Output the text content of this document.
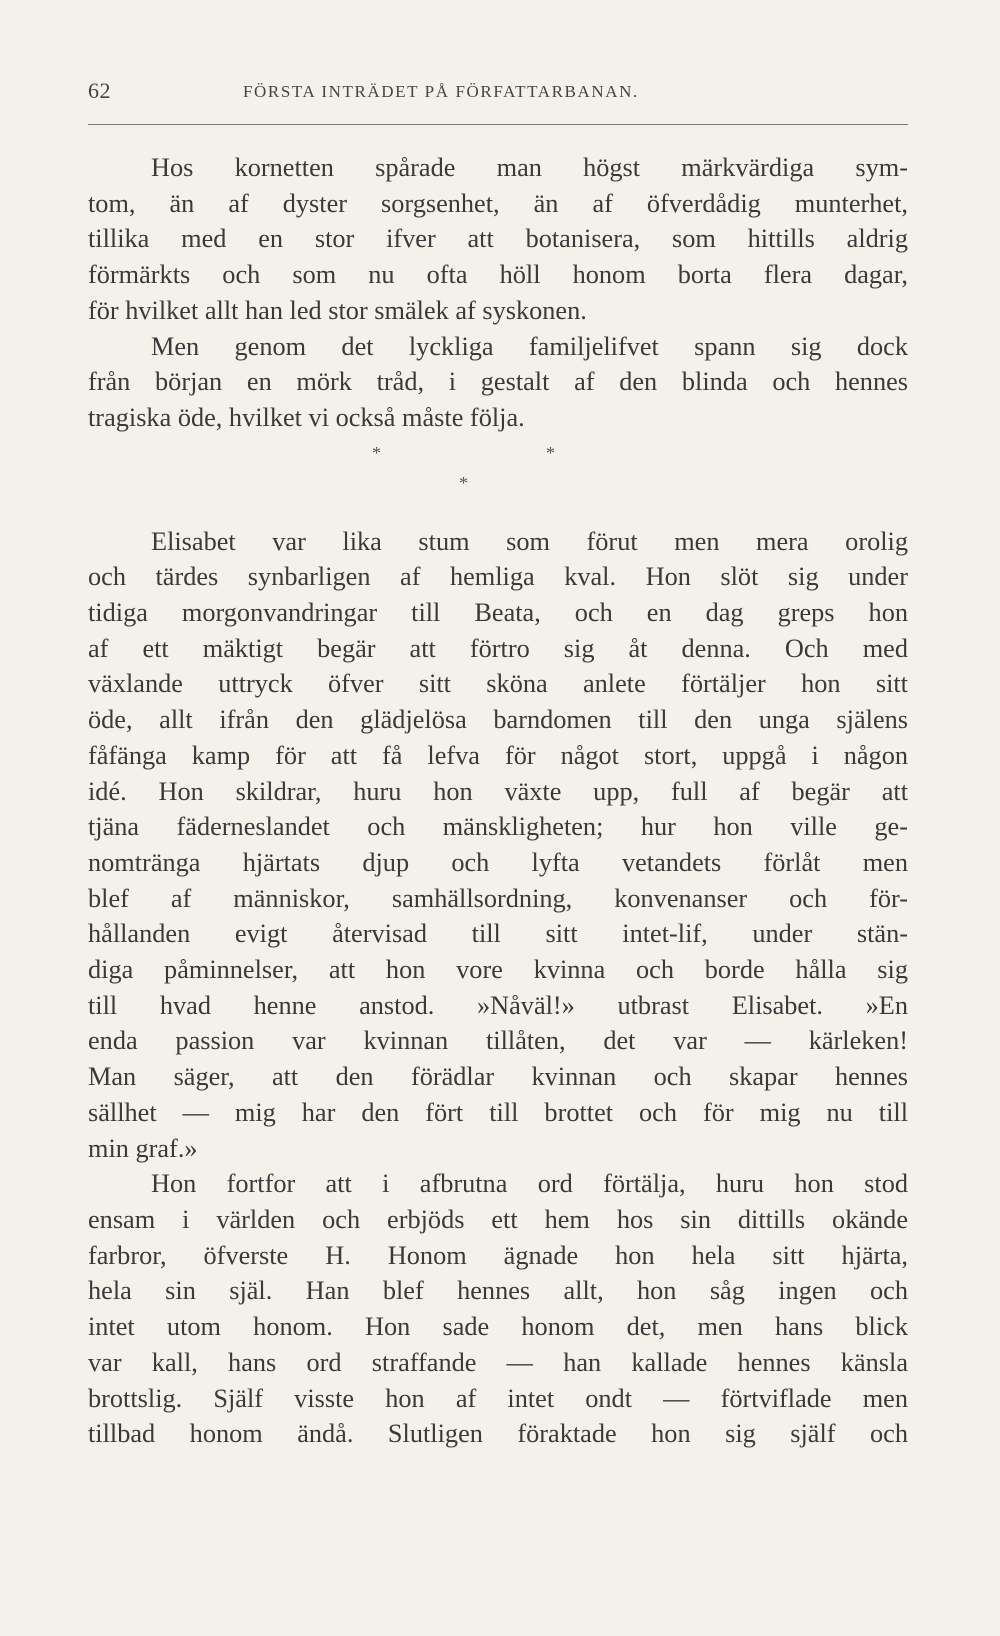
62	FÖRSTA INTRÄDET PÅ FÖRFATTARBANAN.

Hos kornetten spårade man högst märkvärdiga sym-
tom, än af dyster sorgsenhet, än af öfverdådig munterhet,
tillika med en stor ifver att botanisera, som hittills aldrig
förmärkts och som nu ofta höll honom borta flera dagar,
för hvilket allt han led stor smälek af syskonen.

Men genom det lyckliga familjelifvet spann sig dock
från början en mörk tråd, i gestalt af den blinda och hennes
tragiska öde, hvilket vi också måste följa.

*	*
*

Elisabet var lika stum som förut men mera orolig
och tärdes synbarligen af hemliga kval. Hon slöt sig under
tidiga morgonvandringar till Beata, och en dag greps hon
af ett mäktigt begär att förtro sig åt denna. Och med
växlande uttryck öfver sitt sköna anlete förtäljer hon sitt
öde, allt ifrån den glädjelösa barndomen till den unga själens
fåfänga kamp för att få lefva för något stort, uppgå i någon
idé. Hon skildrar, huru hon växte upp, full af begär att
tjäna fäderneslandet och mänskligheten; hur hon ville ge-
nomtränga hjärtats djup och lyfta vetandets förlåt men
blef af människor, samhällsordning, konvenanser och för-
hållanden evigt återvisad till sitt intet-lif, under stän-
diga påminnelser, att hon vore kvinna och borde hålla sig
till hvad henne anstod. »Nåväl!» utbrast Elisabet. »En
enda passion var kvinnan tillåten, det var — kärleken!
Man säger, att den förädlar kvinnan och skapar hennes
sällhet — mig har den fört till brottet och för mig nu till
min graf.»

Hon fortfor att i afbrutna ord förtälja, huru hon stod
ensam i världen och erbjöds ett hem hos sin dittills okände
farbror, öfverste H. Honom ägnade hon hela sitt hjärta,
hela sin själ. Han blef hennes allt, hon såg ingen och
intet utom honom. Hon sade honom det, men hans blick
var kall, hans ord straffande — han kallade hennes känsla
brottslig. Själf visste hon af intet ondt — förtviflade men
tillbad honom ändå. Slutligen föraktade hon sig själf och
